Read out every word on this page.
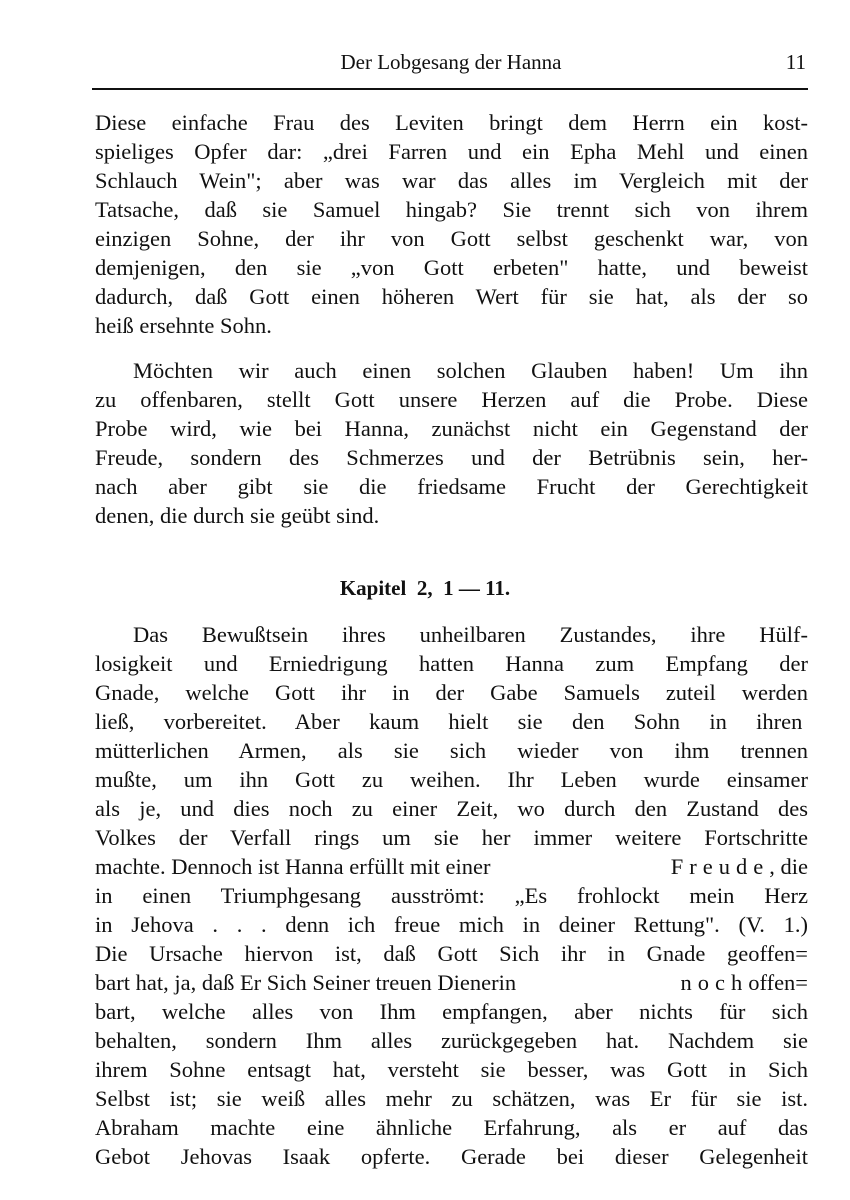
Der Lobgesang der Hanna	11
Diese einfache Frau des Leviten bringt dem Herrn ein kost-
spieliges Opfer dar: „drei Farren und ein Epha Mehl und einen
Schlauch Wein"; aber was war das alles im Vergleich mit der
Tatsache, daß sie Samuel hingab? Sie trennt sich von ihrem
einzigen Sohne, der ihr von Gott selbst geschenkt war, von
demjenigen, den sie „von Gott erbeten" hatte, und beweist
dadurch, daß Gott einen höheren Wert für sie hat, als der so
heiß ersehnte Sohn.
Möchten wir auch einen solchen Glauben haben! Um ihn
zu offenbaren, stellt Gott unsere Herzen auf die Probe. Diese
Probe wird, wie bei Hanna, zunächst nicht ein Gegenstand der
Freude, sondern des Schmerzes und der Betrübnis sein, her-
nach aber gibt sie die friedsame Frucht der Gerechtigkeit
denen, die durch sie geübt sind.
Kapitel  2,  1 — 11.
Das Bewußtsein ihres unheilbaren Zustandes, ihre Hülf-
losigkeit und Erniedrigung hatten Hanna zum Empfang der
Gnade, welche Gott ihr in der Gabe Samuels zuteil werden
ließ, vorbereitet. Aber kaum hielt sie den Sohn in ihren
mütterlichen Armen, als sie sich wieder von ihm trennen
mußte, um ihn Gott zu weihen. Ihr Leben wurde einsamer
als je, und dies noch zu einer Zeit, wo durch den Zustand des
Volkes der Verfall rings um sie her immer weitere Fortschritte
machte. Dennoch ist Hanna erfüllt mit einer	Freude , die
in einen Triumphgesang ausströmt: „Es frohlockt mein Herz
in Jehova . . . denn ich freue mich in deiner Rettung". (V. 1.)
Die Ursache hiervon ist, daß Gott Sich ihr in Gnade geoffen=
bart hat, ja, daß Er Sich Seiner treuen Dienerin	noch offen=
bart, welche alles von Ihm empfangen, aber nichts für sich
behalten, sondern Ihm alles zurückgegeben hat. Nachdem sie
ihrem Sohne entsagt hat, versteht sie besser, was Gott in Sich
Selbst ist; sie weiß alles mehr zu schätzen, was Er für sie ist.
Abraham machte eine ähnliche Erfahrung, als er auf das
Gebot Jehovas Isaak opferte. Gerade bei dieser Gelegenheit
